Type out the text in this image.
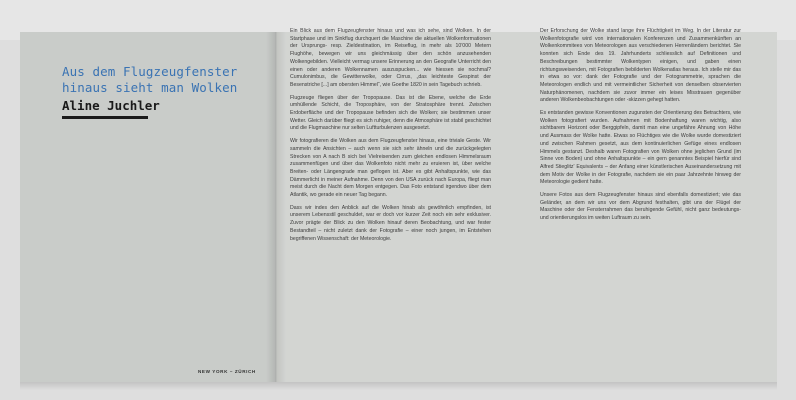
Aus dem Flugzeugfenster hinaus sieht man Wolken
Aline Juchler
NEW YORK – ZÜRICH

Ein Blick aus dem Flugzeugfenster hinaus und was ich sehe, sind Wolken. In der Startphase und im Sinkflug durchquert die Maschine die aktuellen Wolkenformationen der Ursprungs- resp. Zieldestination, im Reiseflug, in mehr als 10'000 Metern Flughöhe, bewegen wir uns gleichmässig über den schön anzusehenden Wolkengebilden. Vielleicht vermag unsere Erinnerung an den Geografie Unterricht den einen oder anderen Wolkennamen auszuspucken... wie hiessen sie nochmal? Cumulonimbus, die Gewitterwolke, oder Cirrus, „das leichteste Gespinst der Besenstriche [...] am obersten Himmel“, wie Goethe 1820 in sein Tagebuch schrieb.

Flugzeuge fliegen über der Tropopause. Das ist die Ebene, welche die Erde umhüllende Schicht, die Troposphäre, von der Stratosphäre trennt. Zwischen Erdoberfläche und der Tropopause befinden sich die Wolken; sie bestimmen unser Wetter. Gleich darüber fliegt es sich ruhiger, denn die Atmosphäre ist stabil geschichtet und die Flugmaschine nur selten Luftturbulenzen ausgesetzt.

Wir fotografieren die Wolken aus dem Flugzeugfenster hinaus, eine triviale Geste. Wir sammeln die Ansichten – auch wenn sie sich sehr ähneln und die zurückgelegten Strecken von A nach B sich bei Vielreisenden zum gleichen endlosen Himmelsraum zusammenfügen und über das Wolkenfoto nicht mehr zu eruieren ist, über welche Breiten- oder Längengrade man geflogen ist. Aber es gibt Anhaltspunkte, wie das Dämmerlicht in meiner Aufnahme. Denn von den USA zurück nach Europa, fliegt man meist durch die Nacht dem Morgen entgegen. Das Foto entstand irgendwo über dem Atlantik, wo gerade ein neuer Tag begann.

Dass wir indes den Anblick auf die Wolken hinab als gewöhnlich empfinden, ist unserem Lebensstil geschuldet, war er doch vor kurzer Zeit noch ein sehr exklusiver. Zuvor prägte der Blick zu den Wolken hinauf deren Beobachtung, und war fester Bestandteil – nicht zuletzt dank der Fotografie – einer noch jungen, im Entstehen begriffenen Wissenschaft: der Meteorologie.

Der Erforschung der Wolke stand lange ihre Flüchtigkeit im Weg. In der Literatur zur Wolkenfotografie wird von internationalen Konferenzen und Zusammenkünften an Wolkenkommitees von Meteorologen aus verschiedenen Herrenländern berichtet. Sie konnten sich Ende des 19. Jahrhunderts schliesslich auf Definitionen und Beschreibungen bestimmter Wolkentypen einigen, und gaben einen richtungsweisenden, mit Fotografien bebilderten Wolkenatlas heraus. Ich stelle mir das in etwa so vor: dank der Fotografie und der Fotogrammetrie, sprachen die Meteorologen endlich und mit vermeintlicher Sicherheit von denselben observierten Naturphänomenen, nachdem sie zuvor immer ein leises Misstrauen gegenüber anderen Wolkenbeobachtungen oder -skizzen gehegt hatten.

Es entstanden gewisse Konventionen zugunsten der Orientierung des Betrachters, wie Wolken fotografiert wurden. Aufnahmen mit Bodenhaftung waren wichtig, also sichtbarem Horizont oder Berggipfeln, damit man eine ungefähre Ahnung von Höhe und Ausmass der Wolke hatte. Etwas so Flüchtiges wie die Wolke wurde domestiziert und zwischen Rahmen gesetzt, aus dem kontinuierlichen Gefüge eines endlosen Himmels gestanzt. Deshalb waren Fotografien von Wolken ohne jeglichen Grund (im Sinne von Boden) und ohne Anhaltspunkte – ein gern genanntes Beispiel hierfür sind Alfred Stieglitz' Equivalents – der Anfang einer künstlerischen Auseinandersetzung mit dem Motiv der Wolke in der Fotografie, nachdem sie ein paar Jahrzehnte hinweg der Meteorologie gedient hatte.

Unsere Fotos aus dem Flugzeugfenster hinaus sind ebenfalls domestiziert; wie das Geländer, an dem wir uns vor dem Abgrund festhalten, gibt uns der Flügel der Maschine oder der Fensterrahmen das beruhigende Gefühl, nicht ganz bedeutungs- und orientierungslos im weiten Luftraum zu sein.
